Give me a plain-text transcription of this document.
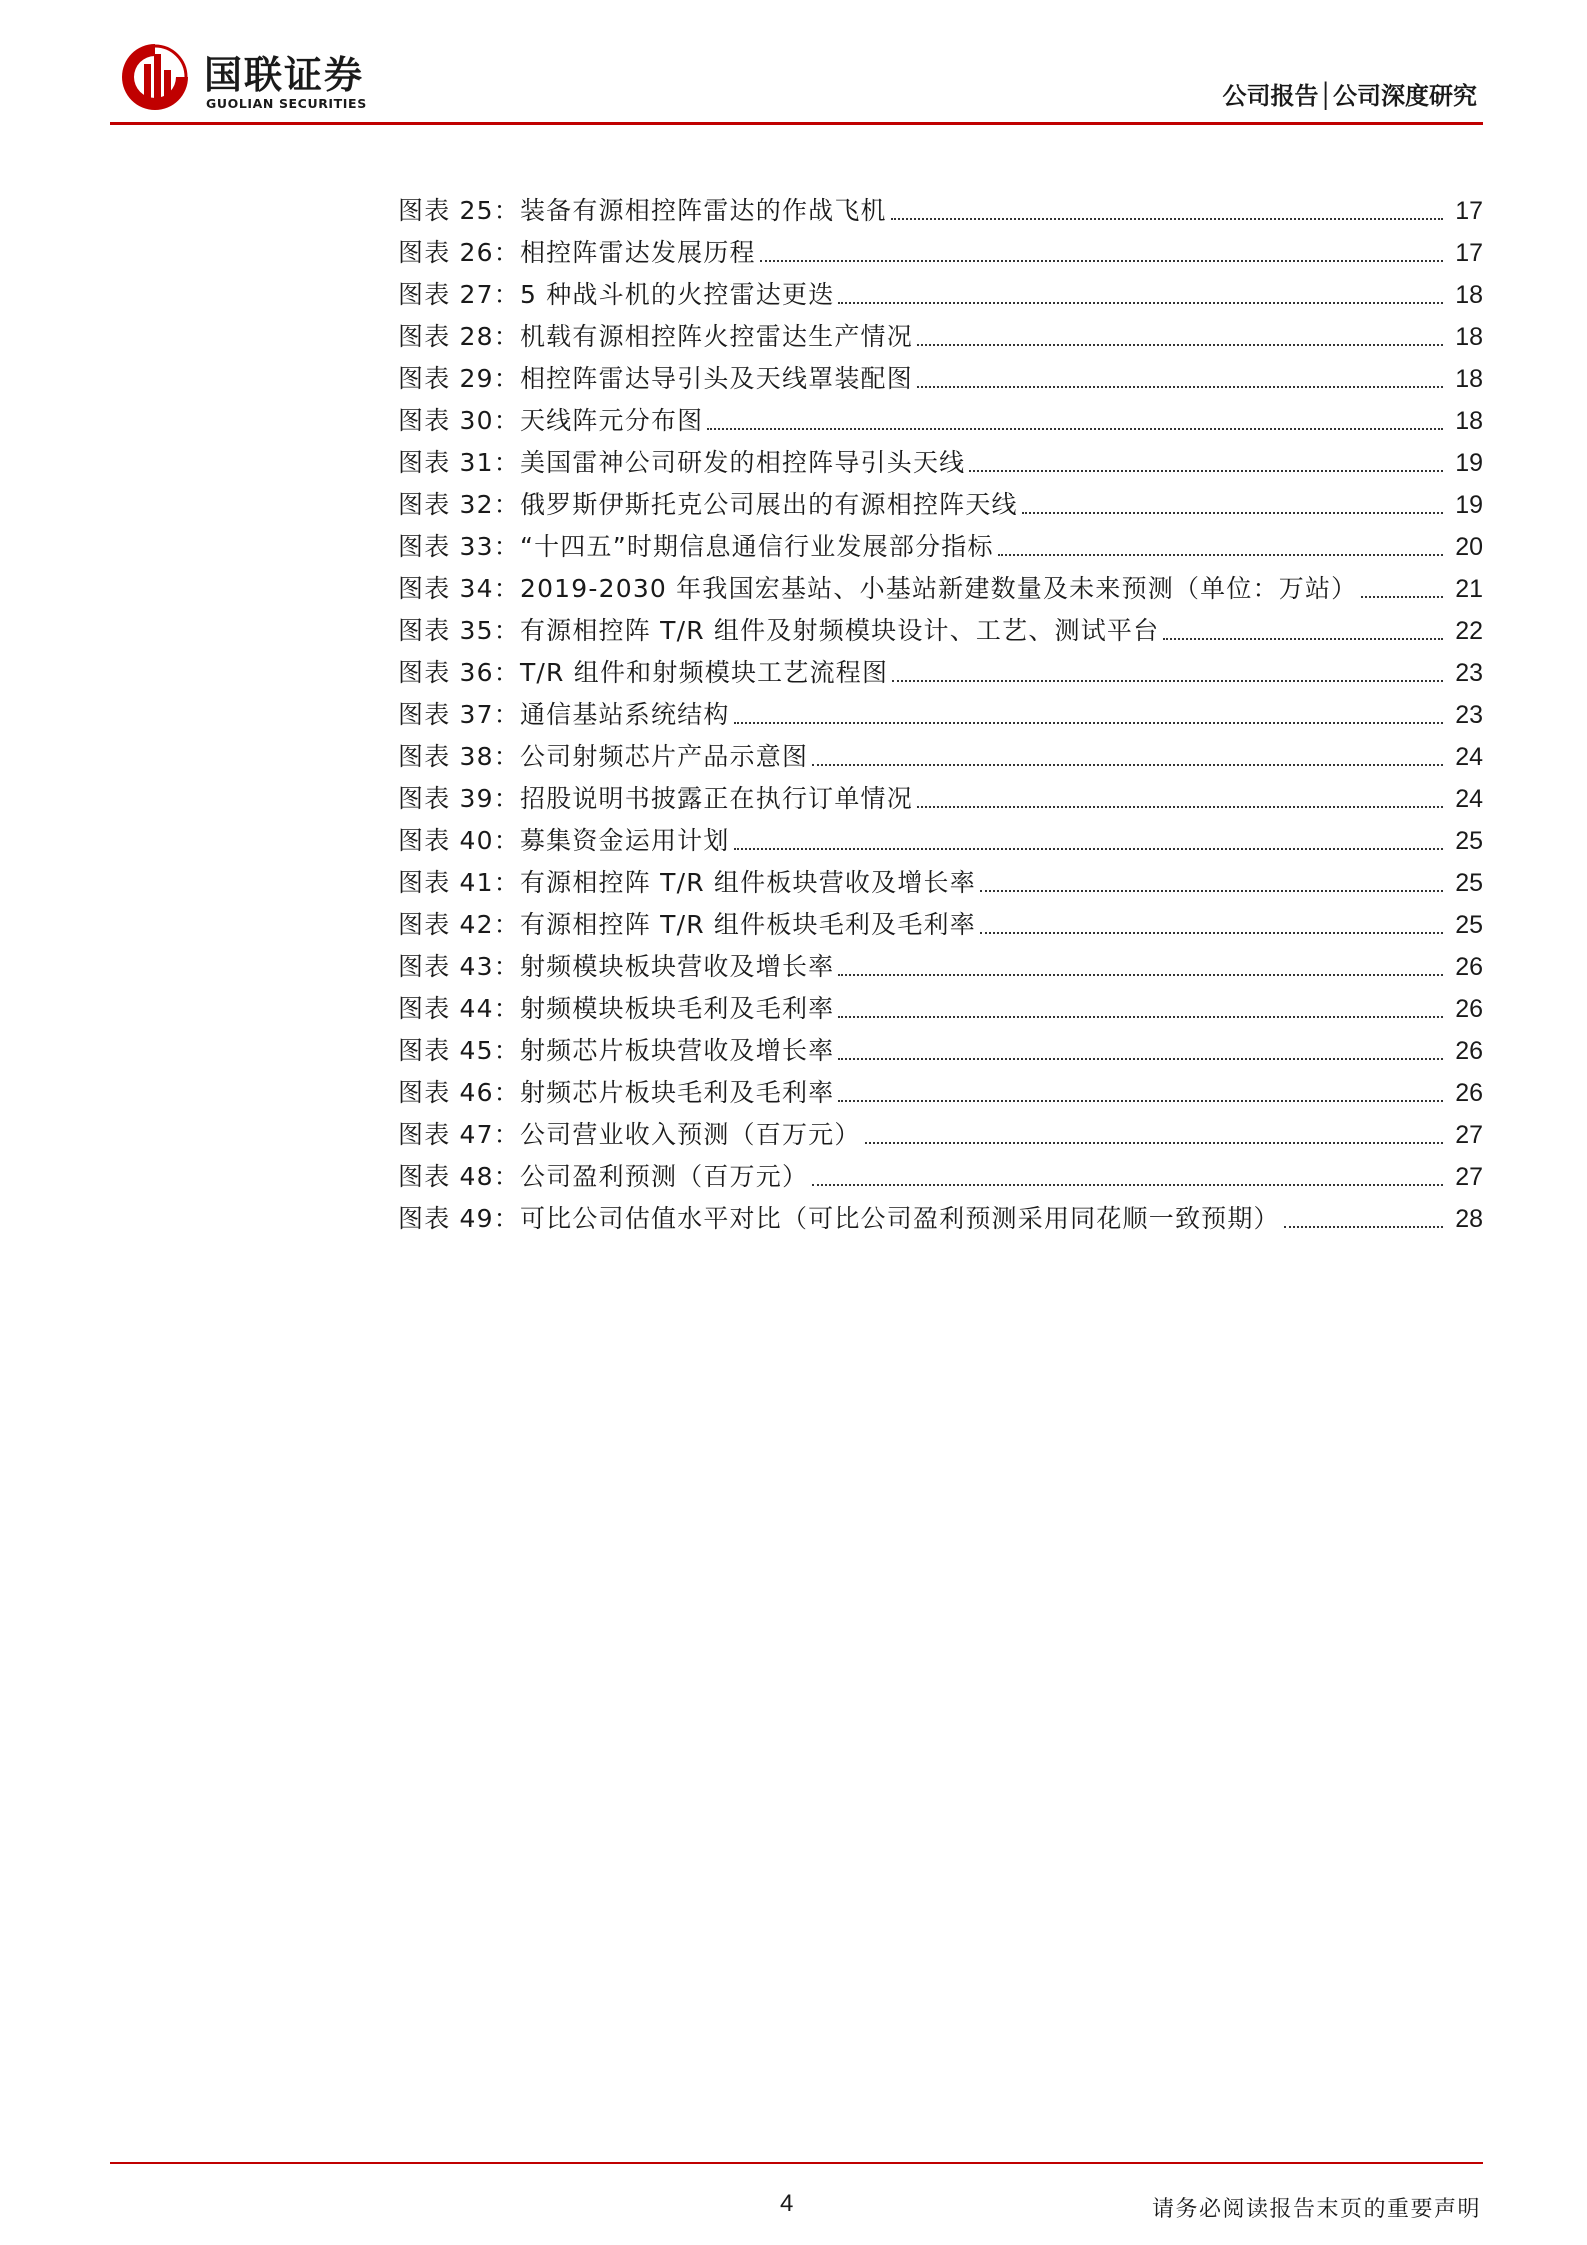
国联证券
GUOLIAN SECURITIES	公司报告│公司深度研究
图表 25：装备有源相控阵雷达的作战飞机	17
图表 26：相控阵雷达发展历程	17
图表 27：5 种战斗机的火控雷达更迭	18
图表 28：机载有源相控阵火控雷达生产情况	18
图表 29：相控阵雷达导引头及天线罩装配图	18
图表 30：天线阵元分布图	18
图表 31：美国雷神公司研发的相控阵导引头天线	19
图表 32：俄罗斯伊斯托克公司展出的有源相控阵天线	19
图表 33：“十四五”时期信息通信行业发展部分指标	20
图表 34：2019-2030 年我国宏基站、小基站新建数量及未来预测（单位：万站）	21
图表 35：有源相控阵 T/R 组件及射频模块设计、工艺、测试平台	22
图表 36：T/R 组件和射频模块工艺流程图	23
图表 37：通信基站系统结构	23
图表 38：公司射频芯片产品示意图	24
图表 39：招股说明书披露正在执行订单情况	24
图表 40：募集资金运用计划	25
图表 41：有源相控阵 T/R 组件板块营收及增长率	25
图表 42：有源相控阵 T/R 组件板块毛利及毛利率	25
图表 43：射频模块板块营收及增长率	26
图表 44：射频模块板块毛利及毛利率	26
图表 45：射频芯片板块营收及增长率	26
图表 46：射频芯片板块毛利及毛利率	26
图表 47：公司营业收入预测（百万元）	27
图表 48：公司盈利预测（百万元）	27
图表 49：可比公司估值水平对比（可比公司盈利预测采用同花顺一致预期）	28
4	请务必阅读报告末页的重要声明
